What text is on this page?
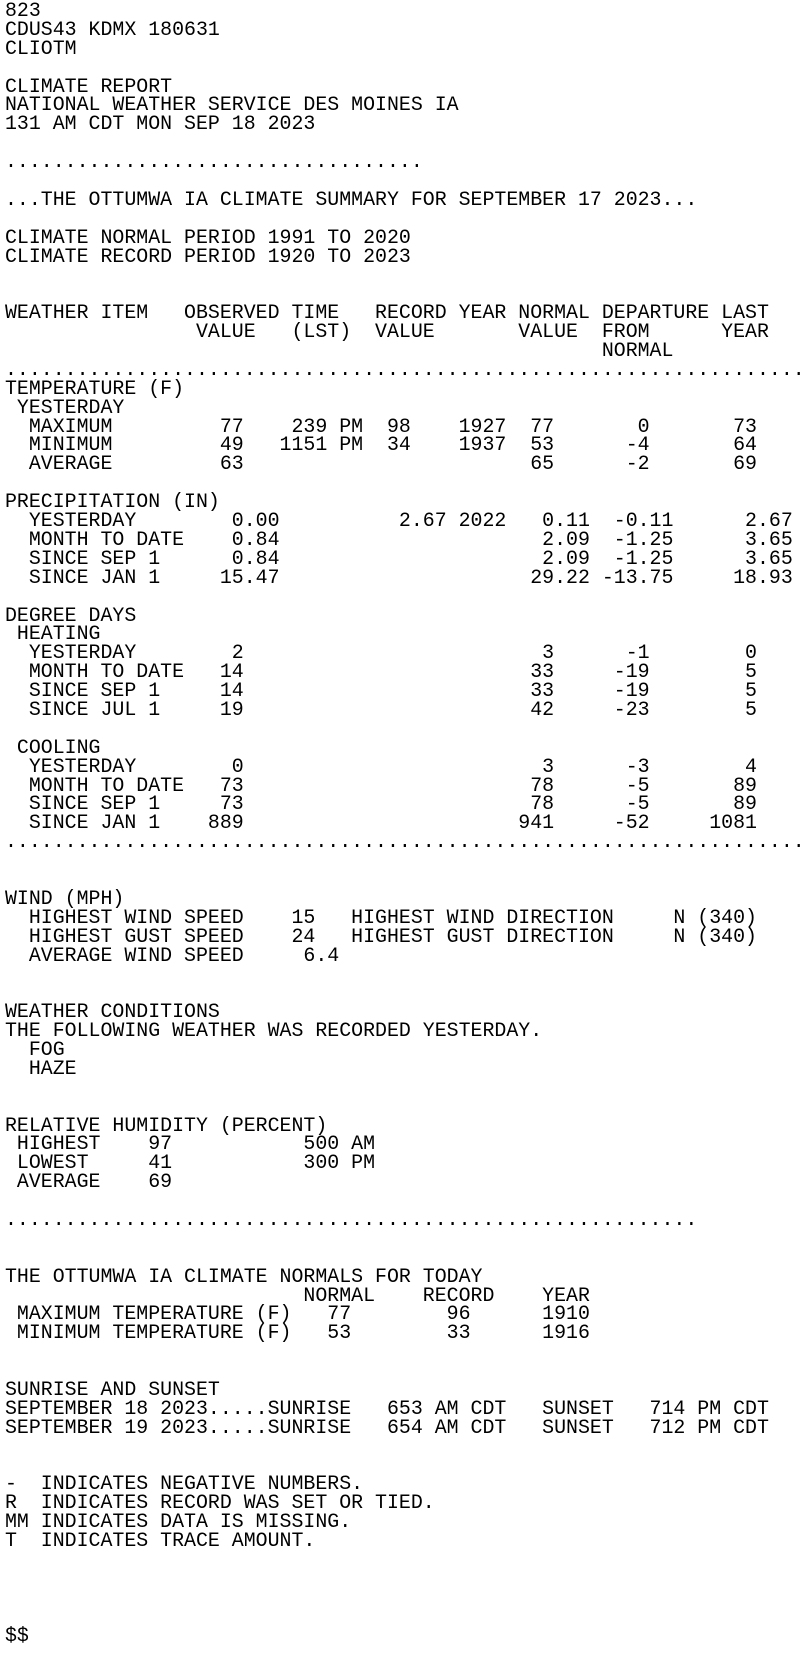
823
CDUS43 KDMX 180631
CLIOTM
CLIMATE REPORT
NATIONAL WEATHER SERVICE DES MOINES IA
131 AM CDT MON SEP 18 2023
...................................
...THE OTTUMWA IA CLIMATE SUMMARY FOR SEPTEMBER 17 2023...
CLIMATE NORMAL PERIOD 1991 TO 2020
CLIMATE RECORD PERIOD 1920 TO 2023
WEATHER ITEM   OBSERVED TIME   RECORD YEAR NORMAL DEPARTURE LAST
VALUE   (LST)  VALUE       VALUE  FROM      YEAR
NORMAL
...................................................................
TEMPERATURE (F)
YESTERDAY
MAXIMUM         77    239 PM  98    1927  77       0       73
MINIMUM         49   1151 PM  34    1937  53      -4       64
AVERAGE         63                        65      -2       69
PRECIPITATION (IN)
YESTERDAY        0.00          2.67 2022   0.11  -0.11      2.67
MONTH TO DATE    0.84                      2.09  -1.25      3.65
SINCE SEP 1      0.84                      2.09  -1.25      3.65
SINCE JAN 1     15.47                     29.22 -13.75     18.93
DEGREE DAYS
HEATING
YESTERDAY        2                         3      -1        0
MONTH TO DATE   14                        33     -19        5
SINCE SEP 1     14                        33     -19        5
SINCE JUL 1     19                        42     -23        5
COOLING
YESTERDAY        0                         3      -3        4
MONTH TO DATE   73                        78      -5       89
SINCE SEP 1     73                        78      -5       89
SINCE JAN 1    889                       941     -52     1081
...................................................................
WIND (MPH)
HIGHEST WIND SPEED    15   HIGHEST WIND DIRECTION     N (340)
HIGHEST GUST SPEED    24   HIGHEST GUST DIRECTION     N (340)
AVERAGE WIND SPEED     6.4
WEATHER CONDITIONS
THE FOLLOWING WEATHER WAS RECORDED YESTERDAY.
FOG
HAZE
RELATIVE HUMIDITY (PERCENT)
HIGHEST    97           500 AM
LOWEST     41           300 PM
AVERAGE    69
..........................................................
THE OTTUMWA IA CLIMATE NORMALS FOR TODAY
NORMAL    RECORD    YEAR
MAXIMUM TEMPERATURE (F)   77        96      1910
MINIMUM TEMPERATURE (F)   53        33      1916
SUNRISE AND SUNSET
SEPTEMBER 18 2023.....SUNRISE   653 AM CDT   SUNSET   714 PM CDT
SEPTEMBER 19 2023.....SUNRISE   654 AM CDT   SUNSET   712 PM CDT
-  INDICATES NEGATIVE NUMBERS.
R  INDICATES RECORD WAS SET OR TIED.
MM INDICATES DATA IS MISSING.
T  INDICATES TRACE AMOUNT.
$$
